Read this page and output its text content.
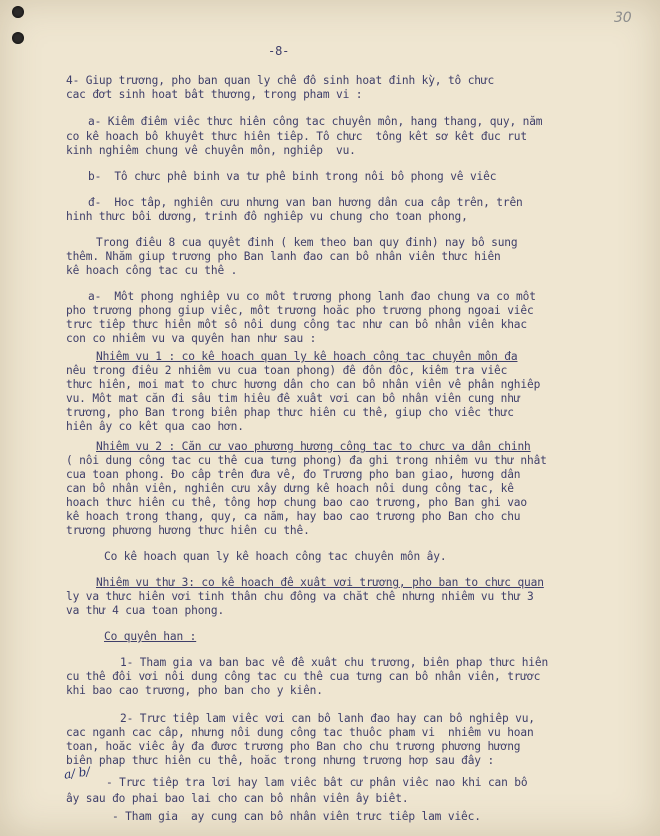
30
-8-
4- Giup trương, pho ban quan ly chê đô sinh hoat đinh kỳ, tô chưc
cac đơt sinh hoat bât thương, trong pham vi :
a- Kiêm điêm viêc thưc hiên công tac chuyên môn, hang thang, quy, năm
co kê hoach bô khuyêt thưc hiên tiêp. Tô chưc  tông kêt sơ kêt đuc rut
kinh nghiêm chung vê chuyên môn, nghiêp  vu.
b-  Tô chưc phê binh va tư phê binh trong nôi bô phong vê viêc
đ-  Hoc tâp, nghiên cưu nhưng van ban hương dân cua câp trên, trên
hinh thưc bôi dương, trinh đô nghiêp vu chung cho toan phong,
Trong điêu 8 cua quyêt đinh ( kem theo ban quy đinh) nay bô sung
thêm. Nhăm giup trương pho Ban lanh đao can bô nhân viên thưc hiên
kê hoach công tac cu thê .
a-  Môt phong nghiêp vu co môt trương phong lanh đao chung va co môt
pho trương phong giup viêc, môt trương hoăc pho trương phong ngoai viêc
trưc tiêp thưc hiên môt sô nôi dung công tac như can bô nhân viên khac
con co nhiêm vu va quyên han như sau :
Nhiêm vu 1 : co kê hoach quan ly kê hoach công tac chuyên môn đa
nêu trong điêu 2 nhiêm vu cua toan phong) đê đôn đôc, kiêm tra viêc
thưc hiên, moi mat to chưc hương dân cho can bô nhân viên vê phân nghiêp
vu. Môt mat căn đi sâu tim hiêu đê xuât vơi can bô nhân viên cung như
trương, pho Ban trong biên phap thưc hiên cu thê, giup cho viêc thưc
hiên ây co kêt qua cao hơn.
Nhiêm vu 2 : Căn cư vao phương hương công tac to chưc va dân chinh
( nôi dung công tac cu thê cua tưng phong) đa ghi trong nhiêm vu thư nhât
cua toan phong. Đo câp trên đưa vê, đo Trương pho ban giao, hương dân
can bô nhân viên, nghiên cưu xây dưng kê hoach nôi dung công tac, kê
hoach thưc hiên cu thê, tông hơp chung bao cao trương, pho Ban ghi vao
kê hoach trong thang, quy, ca năm, hay bao cao trương pho Ban cho chu
trương phương hương thưc hiên cu thê.
Co kê hoach quan ly kê hoach công tac chuyên môn ây.
Nhiêm vu thư 3: co kê hoach đê xuât vơi trương, pho ban to chưc quan
ly va thưc hiên vơi tinh thân chu đông va chăt chê nhưng nhiêm vu thư 3
va thư 4 cua toan phong.
Co quyên han :
1- Tham gia va ban bac vê đê xuât chu trương, biên phap thưc hiên
cu thê đôi vơi nôi dung công tac cu thê cua tưng can bô nhân viên, trươc
khi bao cao trương, pho ban cho y kiên.
2- Trưc tiêp lam viêc vơi can bô lanh đao hay can bô nghiêp vu,
cac nganh cac câp, nhưng nôi dung công tac thuôc pham vi  nhiêm vu hoan
toan, hoăc viêc ây đa đươc trương pho Ban cho chu trương phương hương
biên phap thưc hiên cu thê, hoăc trong nhưng trương hơp sau đây :
a/ b/
- Trưc tiêp tra lơi hay lam viêc bât cư phân viêc nao khi can bô
ây sau đo phai bao lai cho can bô nhân viên ây biêt.
- Tham gia  ay cung can bô nhân viên trưc tiêp lam viêc.
